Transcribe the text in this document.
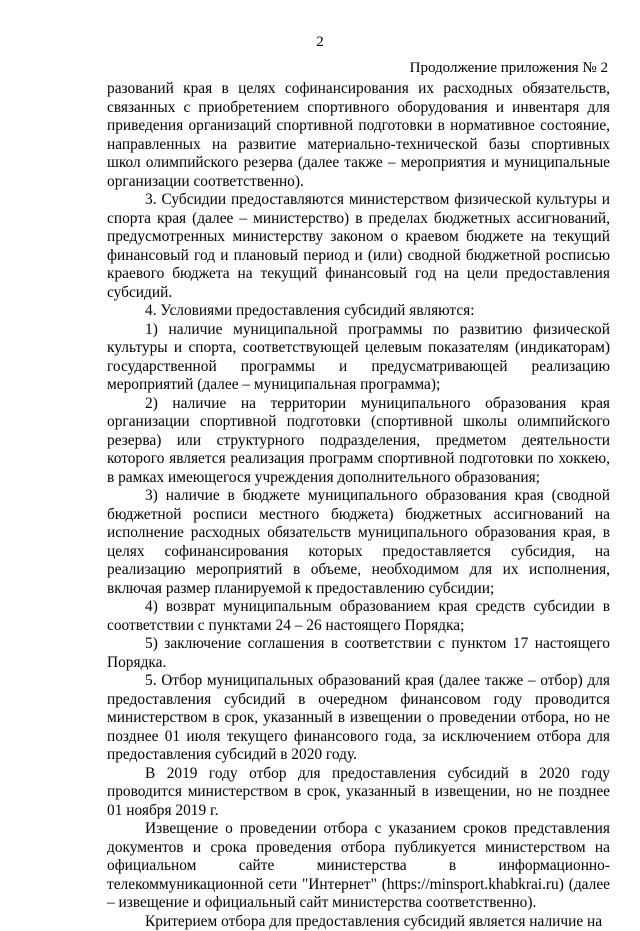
2
Продолжение приложения № 2

разований края в целях софинансирования их расходных обязательств, связанных с приобретением спортивного оборудования и инвентаря для приведения организаций спортивной подготовки в нормативное состояние, направленных на развитие материально-технической базы спортивных школ олимпийского резерва (далее также – мероприятия и муниципальные организации соответственно).

3. Субсидии предоставляются министерством физической культуры и спорта края (далее – министерство) в пределах бюджетных ассигнований, предусмотренных министерству законом о краевом бюджете на текущий финансовый год и плановый период и (или) сводной бюджетной росписью краевого бюджета на текущий финансовый год на цели предоставления субсидий.

4. Условиями предоставления субсидий являются:

1) наличие муниципальной программы по развитию физической культуры и спорта, соответствующей целевым показателям (индикаторам) государственной программы и предусматривающей реализацию мероприятий (далее – муниципальная программа);

2) наличие на территории муниципального образования края организации спортивной подготовки (спортивной школы олимпийского резерва) или структурного подразделения, предметом деятельности которого является реализация программ спортивной подготовки по хоккею, в рамках имеющегося учреждения дополнительного образования;

3) наличие в бюджете муниципального образования края (сводной бюджетной росписи местного бюджета) бюджетных ассигнований на исполнение расходных обязательств муниципального образования края, в целях софинансирования которых предоставляется субсидия, на реализацию мероприятий в объеме, необходимом для их исполнения, включая размер планируемой к предоставлению субсидии;

4) возврат муниципальным образованием края средств субсидии в соответствии с пунктами 24 – 26 настоящего Порядка;

5) заключение соглашения в соответствии с пунктом 17 настоящего Порядка.

5. Отбор муниципальных образований края (далее также – отбор) для предоставления субсидий в очередном финансовом году проводится министерством в срок, указанный в извещении о проведении отбора, но не позднее 01 июля текущего финансового года, за исключением отбора для предоставления субсидий в 2020 году.

В 2019 году отбор для предоставления субсидий в 2020 году проводится министерством в срок, указанный в извещении, но не позднее 01 ноября 2019 г.

Извещение о проведении отбора с указанием сроков представления документов и срока проведения отбора публикуется министерством на официальном сайте министерства в информационно-телекоммуникационной сети "Интернет" (https://minsport.khabkrai.ru) (далее – извещение и официальный сайт министерства соответственно).

Критерием отбора для предоставления субсидий является наличие на
